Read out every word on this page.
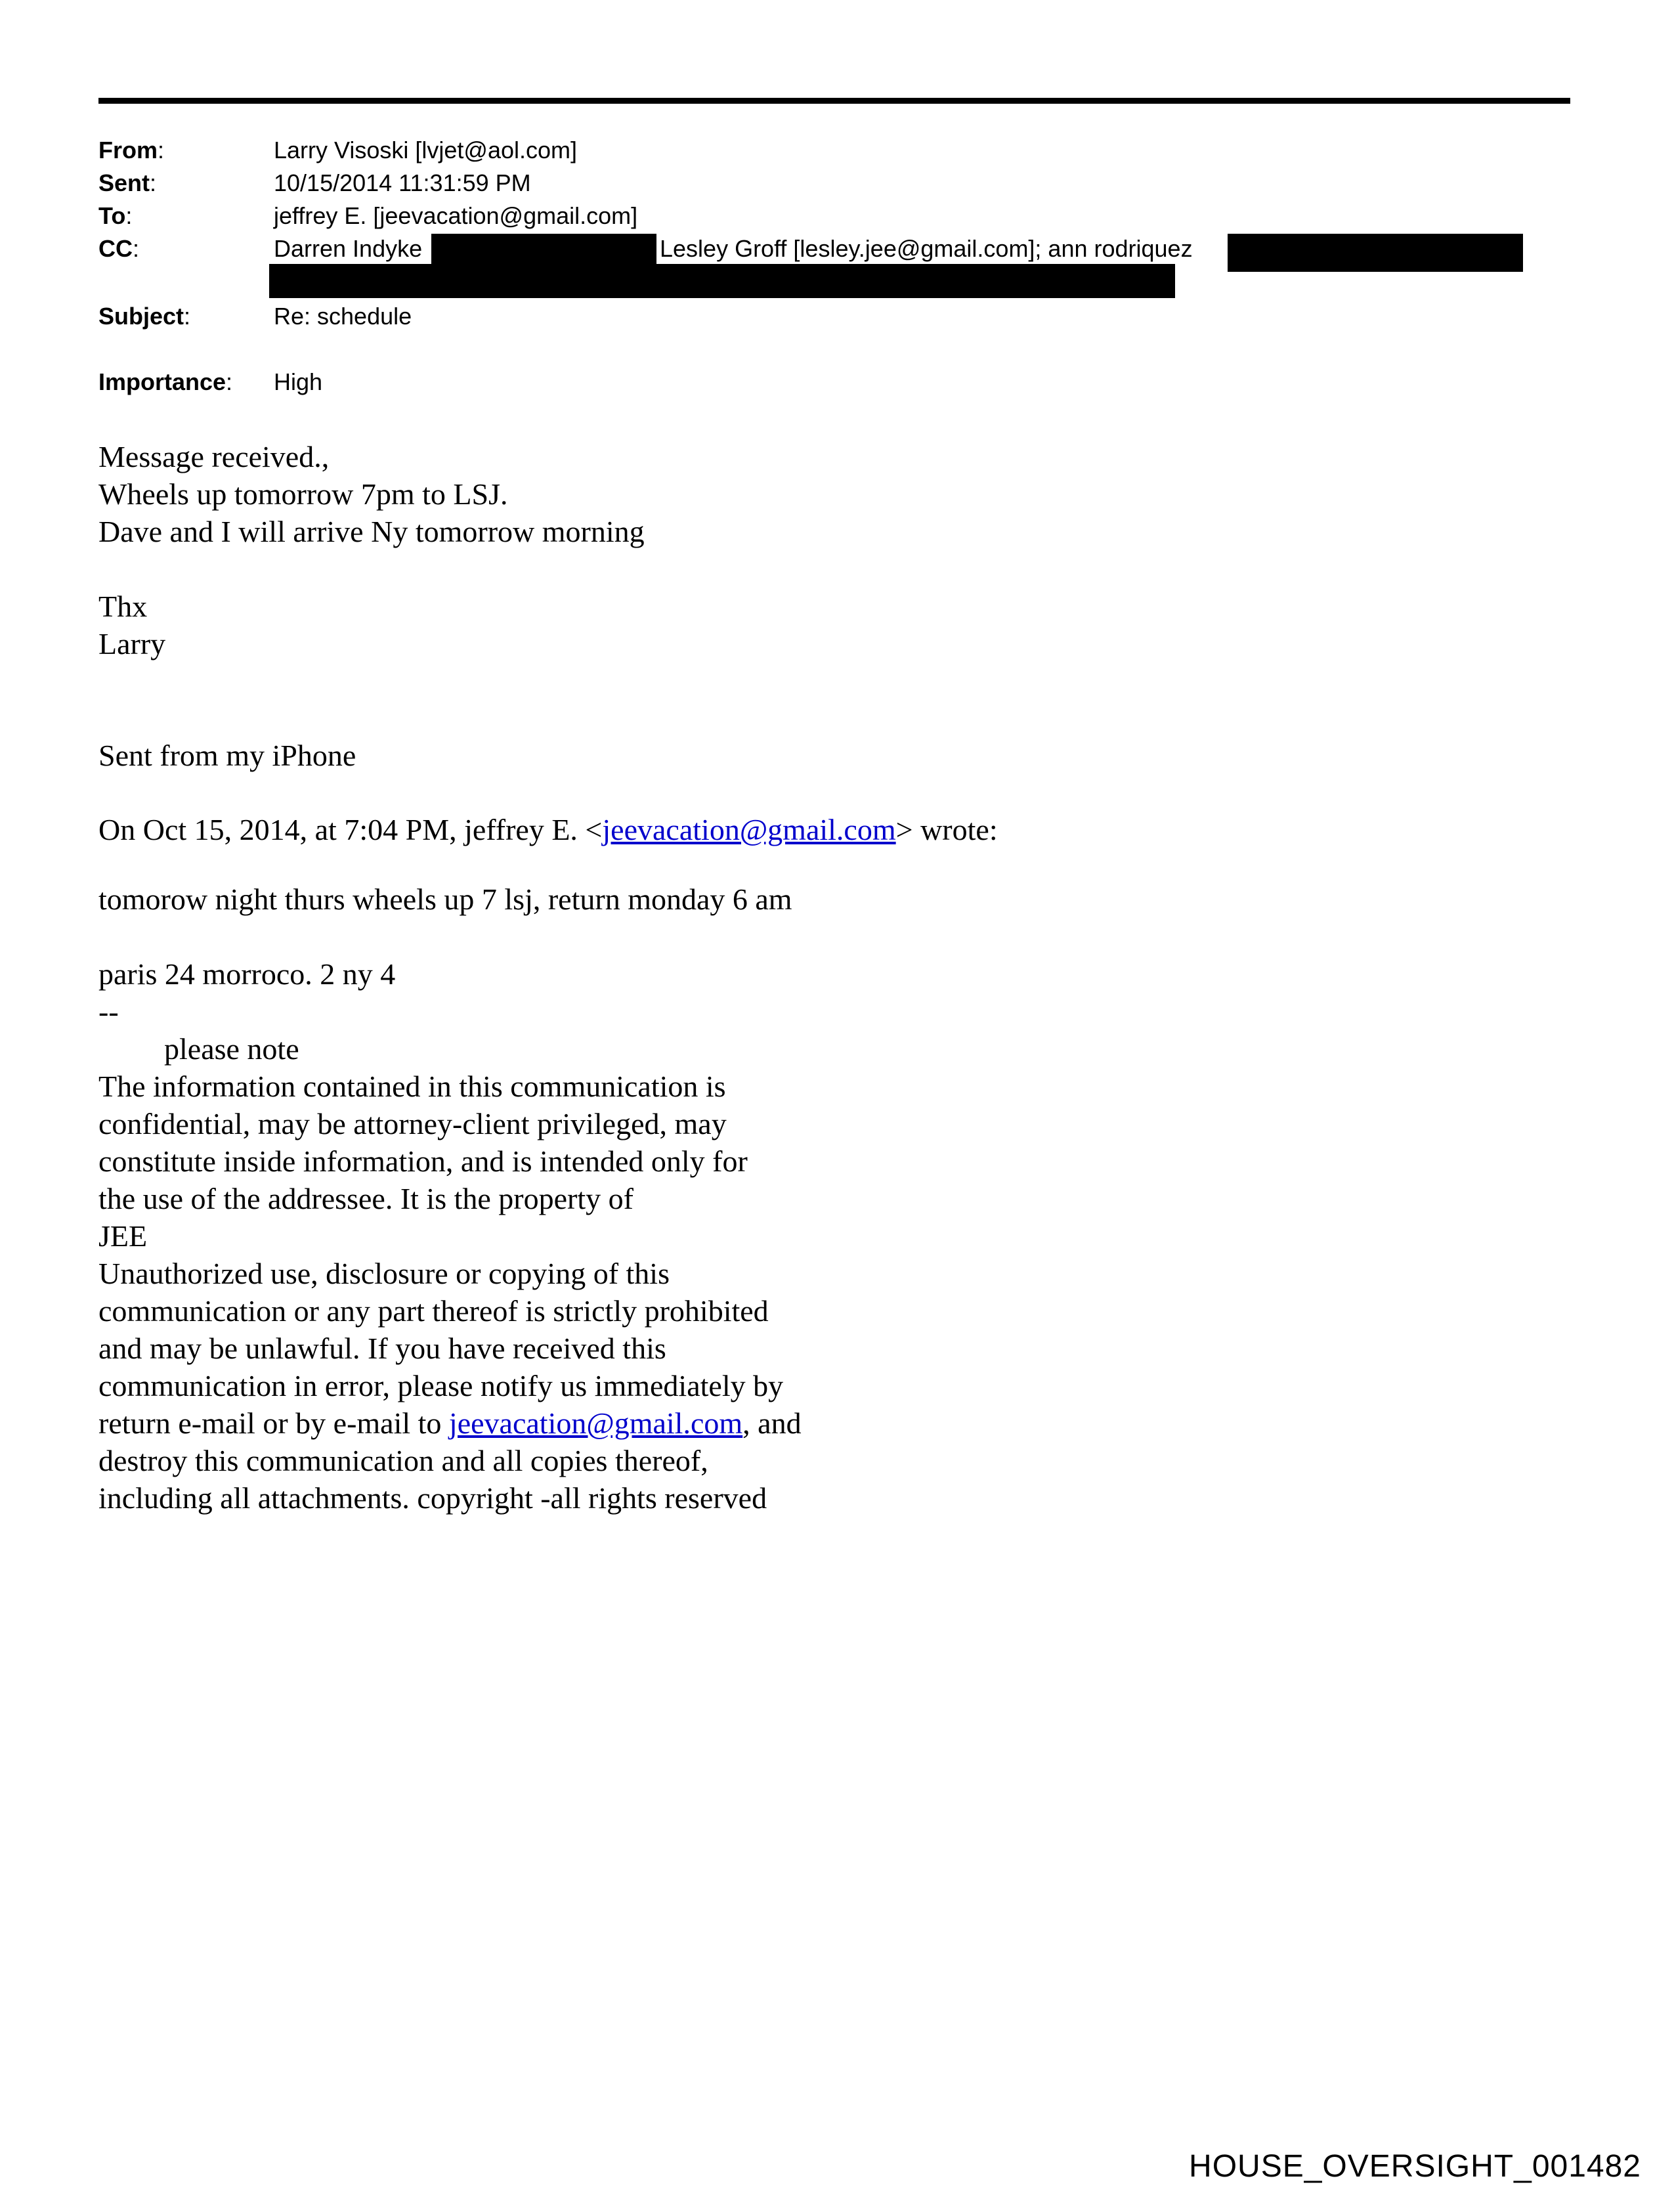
From:	Larry Visoski [lvjet@aol.com]
Sent:	10/15/2014 11:31:59 PM
To:	jeffrey E. [jeevacation@gmail.com]
CC:	Darren Indyke	Lesley Groff [lesley.jee@gmail.com]; ann rodriquez
Subject:	Re: schedule
Importance: High
Message received.,
Wheels up tomorrow 7pm to LSJ.
Dave and I will arrive Ny tomorrow morning
Thx
Larry
Sent from my iPhone
On Oct 15, 2014, at 7:04 PM, jeffrey E. <jeevacation@gmail.com> wrote:
tomorow night thurs wheels up 7 lsj, return monday 6 am
paris 24 morroco. 2 ny 4
--
please note
The information contained in this communication is
confidential, may be attorney-client privileged, may
constitute inside information, and is intended only for
the use of the addressee. It is the property of
JEE
Unauthorized use, disclosure or copying of this
communication or any part thereof is strictly prohibited
and may be unlawful. If you have received this
communication in error, please notify us immediately by
return e-mail or by e-mail to jeevacation@gmail.com, and
destroy this communication and all copies thereof,
including all attachments. copyright -all rights reserved
HOUSE_OVERSIGHT_001482
